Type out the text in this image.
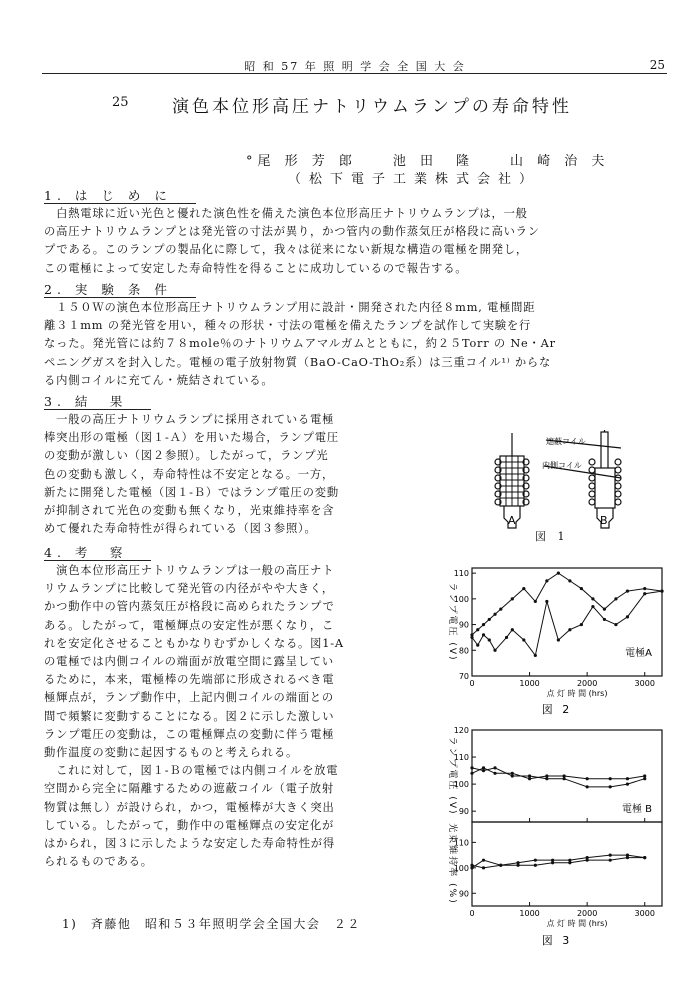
昭 和 57 年 照 明 学 会 全 国 大 会	25
25	演色本位形高圧ナトリウムランプの寿命特性
°尾 形 芳 郎　　池 田　隆　　山 崎 治 夫
（松下電子工業株式会社）
1. は じ め に
　白熱電球に近い光色と優れた演色性を備えた演色本位形高圧ナトリウムランプは，一般
の高圧ナトリウムランプとは発光管の寸法が異り，かつ管内の動作蒸気圧が格段に高いラン
プである。このランプの製品化に際して，我々は従来にない新規な構造の電極を開発し，
この電極によって安定した寿命特性を得ることに成功しているので報告する。
2. 実 験 条 件
　１５０Ｗの演色本位形高圧ナトリウムランプ用に設計・開発された内径８mm, 電極間距
離３１mm の発光管を用い，種々の形状・寸法の電極を備えたランプを試作して実験を行
なった。発光管には約７８mole％のナトリウムアマルガムとともに，約２５Torr の Ne・Ar
ペニングガスを封入した。電極の電子放射物質（BaO-CaO-ThO₂系）は三重コイル¹⁾ からな
る内側コイルに充てん・焼結されている。
3. 結　果
　一般の高圧ナトリウムランプに採用されている電極
棒突出形の電極（図１-Ａ）を用いた場合，ランプ電圧
の変動が激しい（図２参照）。したがって，ランプ光
色の変動も激しく，寿命特性は不安定となる。一方，
新たに開発した電極（図１-Ｂ）ではランプ電圧の変動
が抑制されて光色の変動も無くなり，光束維持率を含
めて優れた寿命特性が得られている（図３参照）。
4. 考　察
　演色本位形高圧ナトリウムランプは一般の高圧ナト
リウムランプに比較して発光管の内径がやや大きく，
かつ動作中の管内蒸気圧が格段に高められたランプで
ある。したがって，電極輝点の安定性が悪くなり，こ
れを安定化させることもかなりむずかしくなる。図1-A
の電極では内側コイルの端面が放電空間に露呈してい
るために，本来，電極棒の先端部に形成されるべき電
極輝点が，ランプ動作中，上記内側コイルの端面との
間で頻繁に変動することになる。図２に示した激しい
ランプ電圧の変動は，この電極輝点の変動に伴う電極
動作温度の変動に起因するものと考えられる。
　これに対して，図１-Ｂの電極では内側コイルを放電
空間から完全に隔離するための遮蔽コイル（電子放射
物質は無し）が設けられ，かつ，電極棒が大きく突出
している。したがって，動作中の電極輝点の安定化が
はかられ，図３に示したような安定した寿命特性が得
られるものである。
1)　斉藤他　昭和５３年照明学会全国大会　２２
遮蔽コイル
内側コイル
A	B
図 1
70
80
90
100
110
0	1000	2000	3000
ランプ電圧 (V)	電極A
点 灯 時 間 (hrs)
図 2
90
100
110
120
ランプ電圧 (V)	電極 B
90
100
110
0	1000	2000	3000
光束維持率 (%)
点 灯 時 間 (hrs)
図 3
